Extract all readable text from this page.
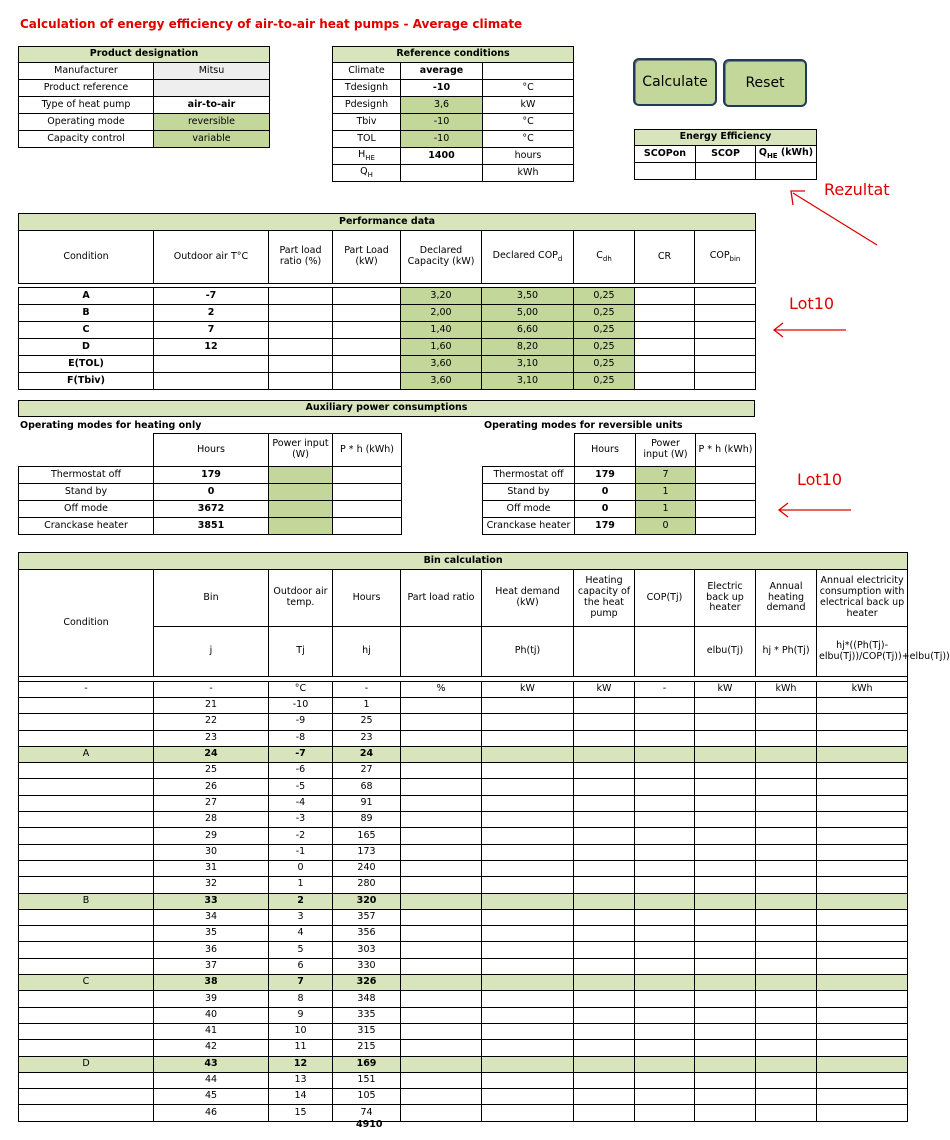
Calculation of energy efficiency of air-to-air heat pumps - Average climate
Product designation	
Manufacturer	Mitsu
Product reference	
Type of heat pump	air-to-air
Operating mode	reversible
Capacity control	variable
Reference conditions		
Climate	average	
Tdesignh	-10	°C
Pdesignh	3,6	kW
Tbiv	-10	°C
TOL	-10	°C
$H_{HE}$	1400	hours
$Q_H$		kWh
Calculate	Reset
Energy Efficiency		
SCOPon	SCOP	$Q_{HE}$ (kWh)

Rezultat
Lot10
Lot10
Performance data								
Condition	Outdoor air T°C	Part load ratio (%)	Part Load (kW)	Declared Capacity (kW)	Declared $COP_d$	$C_{dh}$	CR	$COP_{bin}$

A	-7			3,20	3,50	0,25		
B	2			2,00	5,00	0,25		
C	7			1,40	6,60	0,25		
D	12			1,60	8,20	0,25		
E(TOL)				3,60	3,10	0,25		
F(Tbiv)				3,60	3,10	0,25		
Auxiliary power consumptions
Operating modes for heating only	Operating modes for reversible units
	Hours	Power input (W)	P * h (kWh)
Thermostat off	179		
Stand by	0		
Off mode	3672		
Cranckase heater	3851		
	Hours	Power input (W)	P * h (kWh)
Thermostat off	179	7	
Stand by	0	1	
Off mode	0	1	
Cranckase heater	179	0	
Bin calculation										
Condition	Bin	Outdoor air temp.	Hours	Part load ratio	Heat demand (kW)	Heating capacity of the heat pump	COP(Tj)	Electric back up heater	Annual heating demand	Annual electricity consumption with electrical back up heater
	j	Tj	hj		Ph(tj)			elbu(Tj)	hj * Ph(Tj)	hj*((Ph(Tj)-elbu(Tj))/COP(Tj))+elbu(Tj))

-	-	°C	-	%	kW	kW	-	kW	kWh	kWh
	21	-10	1							
	22	-9	25							
	23	-8	23							
A	24	-7	24							
	25	-6	27							
	26	-5	68							
	27	-4	91							
	28	-3	89							
	29	-2	165							
	30	-1	173							
	31	0	240							
	32	1	280							
B	33	2	320							
	34	3	357							
	35	4	356							
	36	5	303							
	37	6	330							
C	38	7	326							
	39	8	348							
	40	9	335							
	41	10	315							
	42	11	215							
D	43	12	169							
	44	13	151							
	45	14	105							
	46	15	74							
4910
